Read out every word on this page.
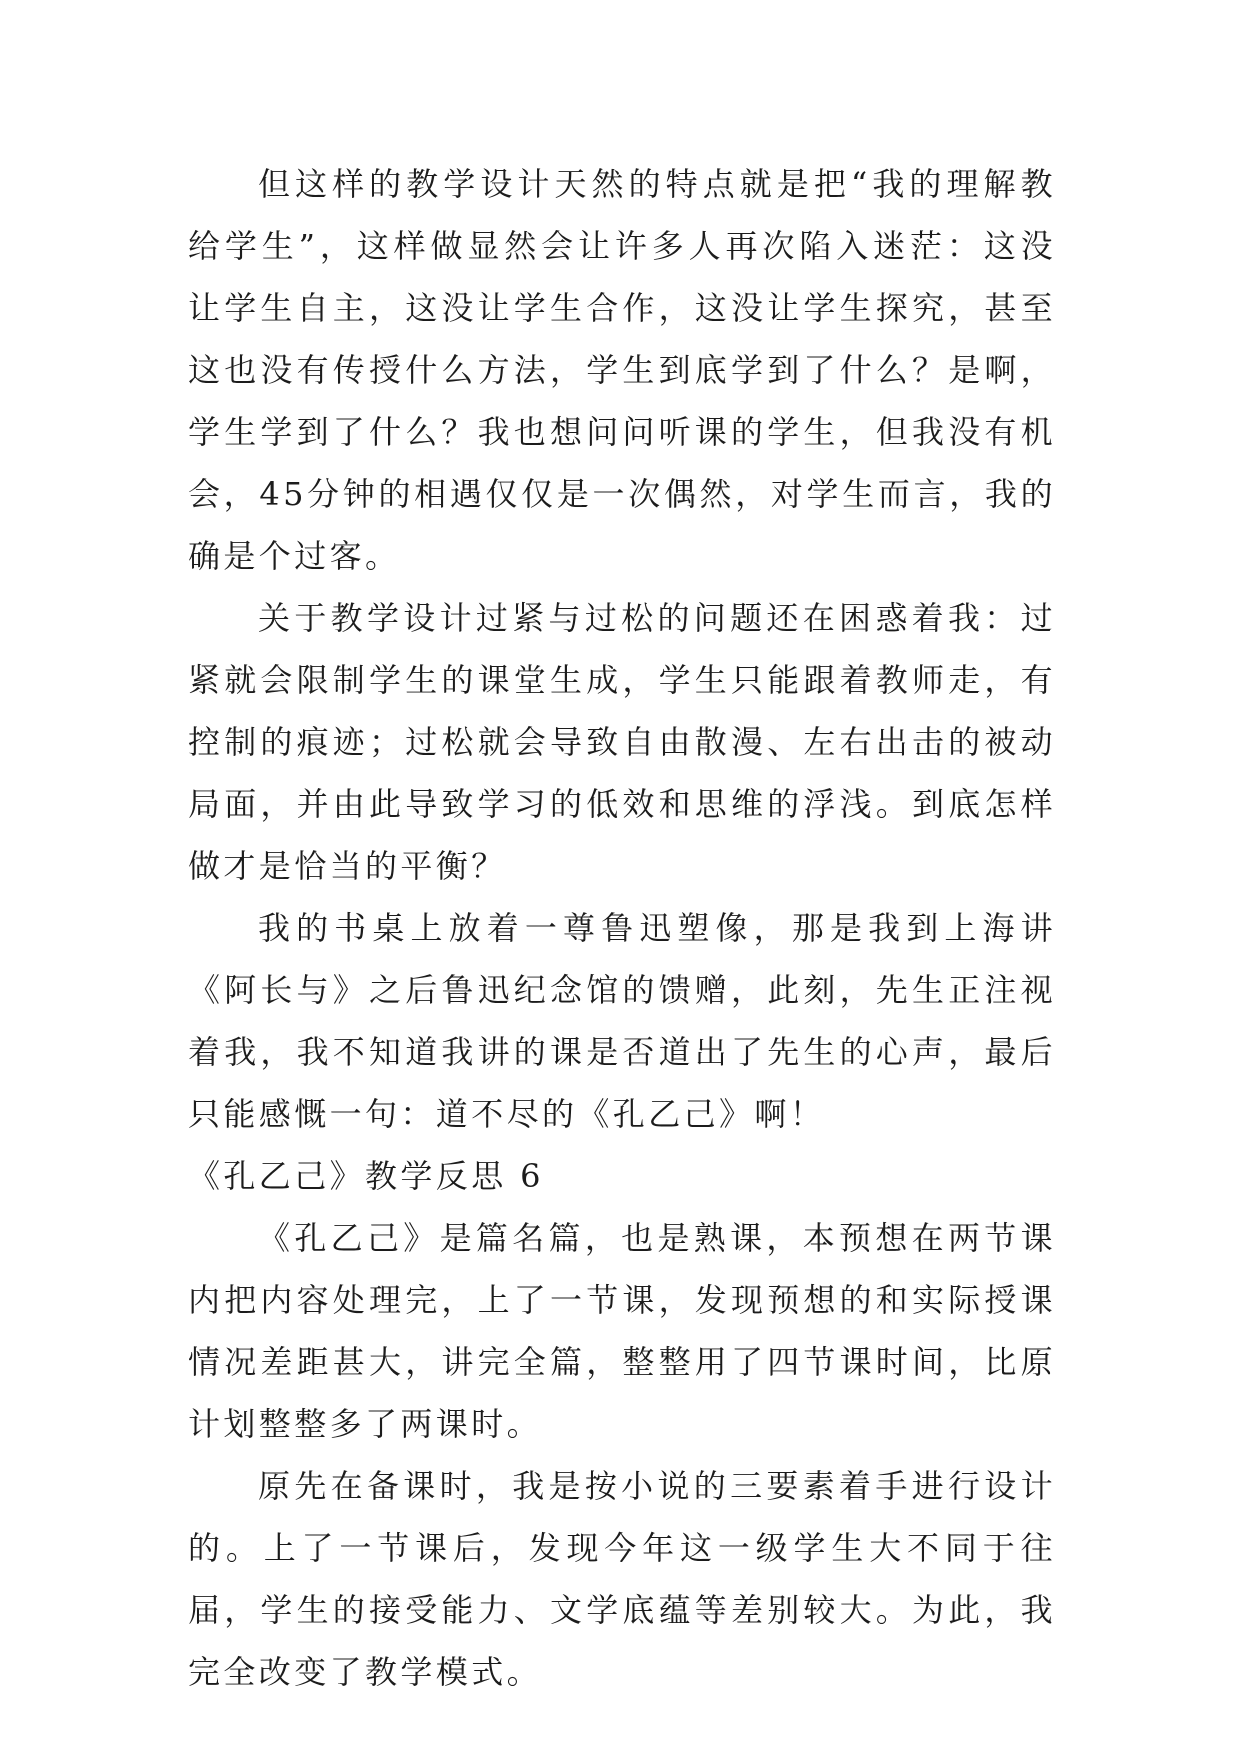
但这样的教学设计天然的特点就是把“我的理解教给学生”，这样做显然会让许多人再次陷入迷茫：这没让学生自主，这没让学生合作，这没让学生探究，甚至这也没有传授什么方法，学生到底学到了什么？是啊，学生学到了什么？我也想问问听课的学生，但我没有机会，45分钟的相遇仅仅是一次偶然，对学生而言，我的确是个过客。

关于教学设计过紧与过松的问题还在困惑着我：过紧就会限制学生的课堂生成，学生只能跟着教师走，有控制的痕迹；过松就会导致自由散漫、左右出击的被动局面，并由此导致学习的低效和思维的浮浅。到底怎样做才是恰当的平衡？

我的书桌上放着一尊鲁迅塑像，那是我到上海讲《阿长与》之后鲁迅纪念馆的馈赠，此刻，先生正注视着我，我不知道我讲的课是否道出了先生的心声，最后只能感慨一句：道不尽的《孔乙己》啊！

《孔乙己》教学反思 6

《孔乙己》是篇名篇，也是熟课，本预想在两节课内把内容处理完，上了一节课，发现预想的和实际授课情况差距甚大，讲完全篇，整整用了四节课时间，比原计划整整多了两课时。

原先在备课时，我是按小说的三要素着手进行设计的。上了一节课后，发现今年这一级学生大不同于往届，学生的接受能力、文学底蕴等差别较大。为此，我完全改变了教学模式。
